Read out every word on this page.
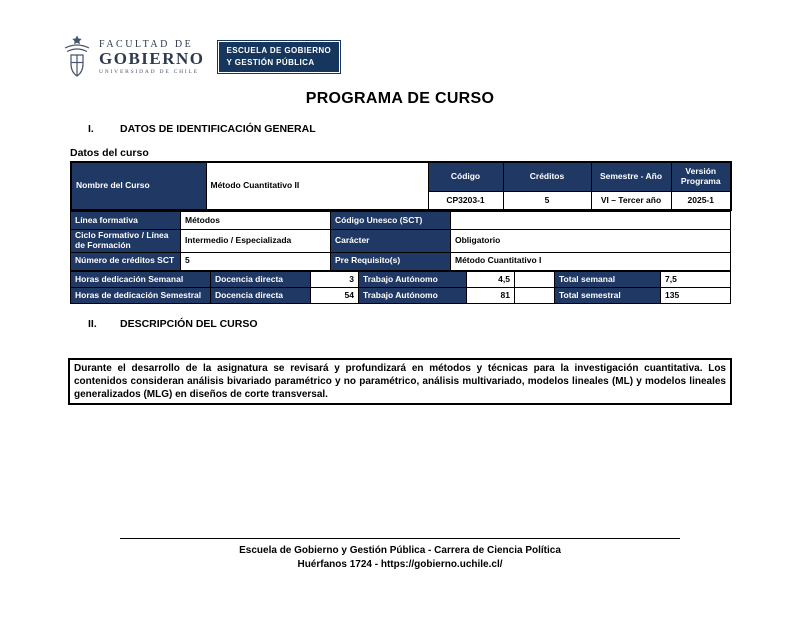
FACULTAD DE
GOBIERNO
UNIVERSIDAD DE CHILE
ESCUELA DE GOBIERNO
Y GESTIÓN PÚBLICA
PROGRAMA DE CURSO
I.	DATOS DE IDENTIFICACIÓN GENERAL
Datos del curso
Nombre del Curso	Método Cuantitativo II	Código	Créditos	Semestre - Año	Versión Programa
		CP3203-1	5	VI – Tercer año	2025-1
Línea formativa	Métodos	Código Unesco (SCT)	
Ciclo Formativo / Línea de Formación	Intermedio / Especializada	Carácter	Obligatorio
Número de créditos SCT	5	Pre Requisito(s)	Método Cuantitativo I
Horas dedicación Semanal	Docencia directa	3	Trabajo Autónomo	4,5		Total semanal	7,5
Horas de dedicación Semestral	Docencia directa	54	Trabajo Autónomo	81		Total semestral	135
II.	DESCRIPCIÓN DEL CURSO
Durante el desarrollo de la asignatura se revisará y profundizará en métodos y técnicas para la investigación cuantitativa. Los contenidos consideran análisis bivariado paramétrico y no paramétrico, análisis multivariado, modelos lineales (ML) y modelos lineales generalizados (MLG) en diseños de corte transversal.
Escuela de Gobierno y Gestión Pública - Carrera de Ciencia Política
Huérfanos 1724 - https://gobierno.uchile.cl/
